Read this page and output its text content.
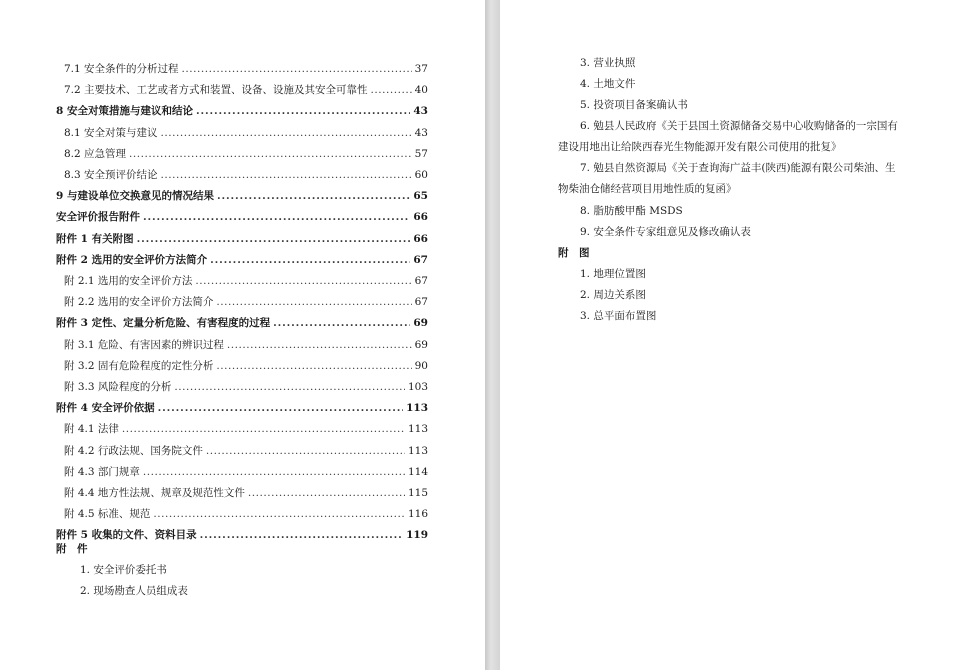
7.1 安全条件的分析过程 . . .	37
7.2 主要技术、工艺或者方式和装置、设备、设施及其安全可靠性 . . .	40
8 安全对策措施与建议和结论 . . .	43
8.1 安全对策与建议 . . .	43
8.2 应急管理 . . .	57
8.3 安全预评价结论 . . .	60
9 与建设单位交换意见的情况结果 . . .	65
安全评价报告附件 . . .	66
附件 1 有关附图 . . .	66
附件 2 选用的安全评价方法简介 . . .	67
附 2.1 选用的安全评价方法 . . .	67
附 2.2 选用的安全评价方法简介 . . .	67
附件 3 定性、定量分析危险、有害程度的过程 . . .	69
附 3.1 危险、有害因素的辨识过程 . . .	69
附 3.2 固有危险程度的定性分析 . . .	90
附 3.3 风险程度的分析 . . .	103
附件 4 安全评价依据 . . .	113
附 4.1 法律 . . .	113
附 4.2 行政法规、国务院文件 . . .	113
附 4.3 部门规章 . . .	114
附 4.4 地方性法规、规章及规范性文件 . . .	115
附 4.5 标准、规范 . . .	116
附件 5 收集的文件、资料目录 . . .	119
附　件
1. 安全评价委托书
2. 现场勘查人员组成表
3. 营业执照
4. 土地文件
5. 投资项目备案确认书
6. 勉县人民政府《关于县国土资源储备交易中心收购储备的一宗国有
建设用地出让给陕西春光生物能源开发有限公司使用的批复》
7. 勉县自然资源局《关于查询海广益丰(陕西)能源有限公司柴油、生
物柴油仓储经营项目用地性质的复函》
8. 脂肪酸甲酯 MSDS
9. 安全条件专家组意见及修改确认表
附　图
1. 地理位置图
2. 周边关系图
3. 总平面布置图
